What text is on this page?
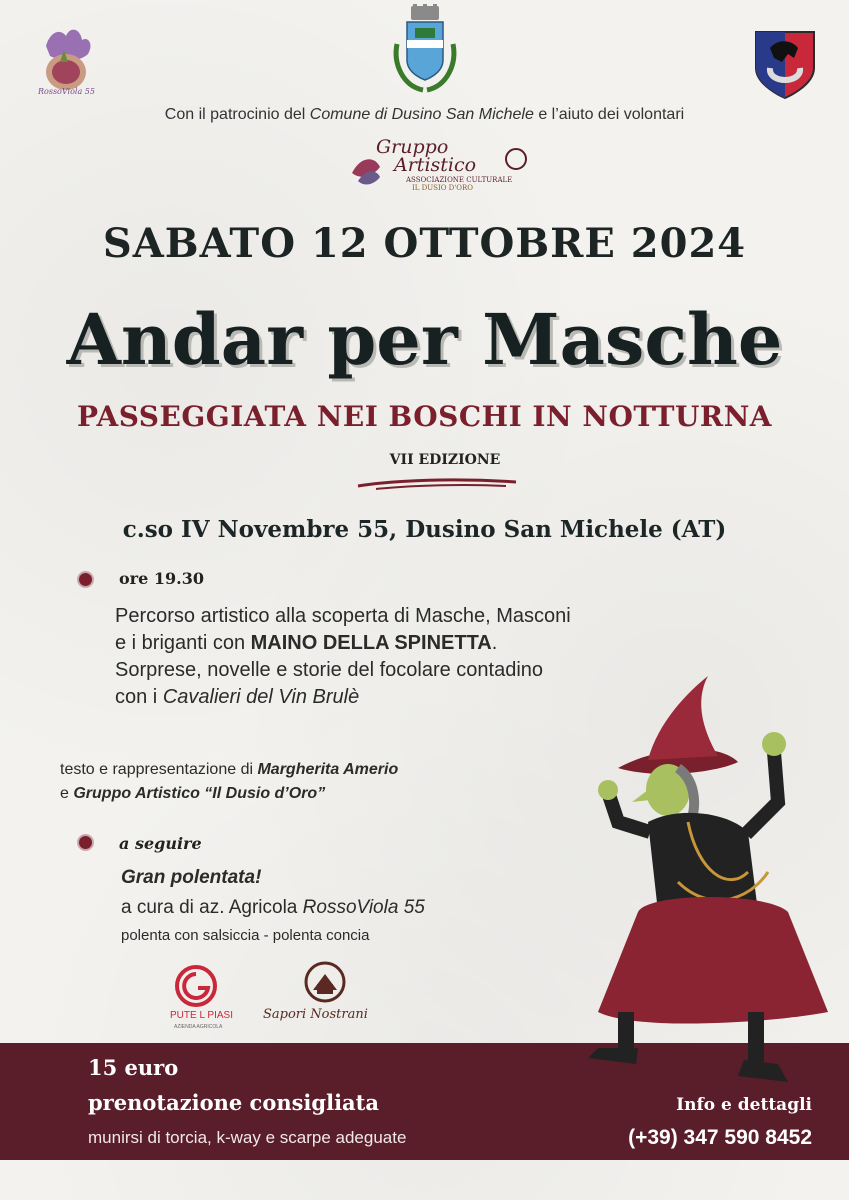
RossoViola 55
Con il patrocinio del Comune di Dusino San Michele e l’aiuto dei volontari
Gruppo
Artistico
ASSOCIAZIONE CULTURALE
IL DUSIO D'ORO
SABATO 12 OTTOBRE 2024
Andar per Masche
PASSEGGIATA NEI BOSCHI IN NOTTURNA
VII EDIZIONE
c.so IV Novembre 55, Dusino San Michele (AT)
ore 19.30
Percorso artistico alla scoperta di Masche, Masconi
e i briganti con MAINO DELLA SPINETTA.
Sorprese, novelle e storie del focolare contadino
con i Cavalieri del Vin Brulè
testo e rappresentazione di Margherita Amerio
e Gruppo Artistico “Il Dusio d’Oro”
a seguire
Gran polentata!
a cura di az. Agricola RossoViola 55
polenta con salsiccia - polenta concia
PUTE L PIASI
AZIENDA AGRICOLA
Sapori Nostrani
15 euro
prenotazione consigliata
munirsi di torcia, k-way e scarpe adeguate
Info e dettagli
(+39) 347 590 8452
